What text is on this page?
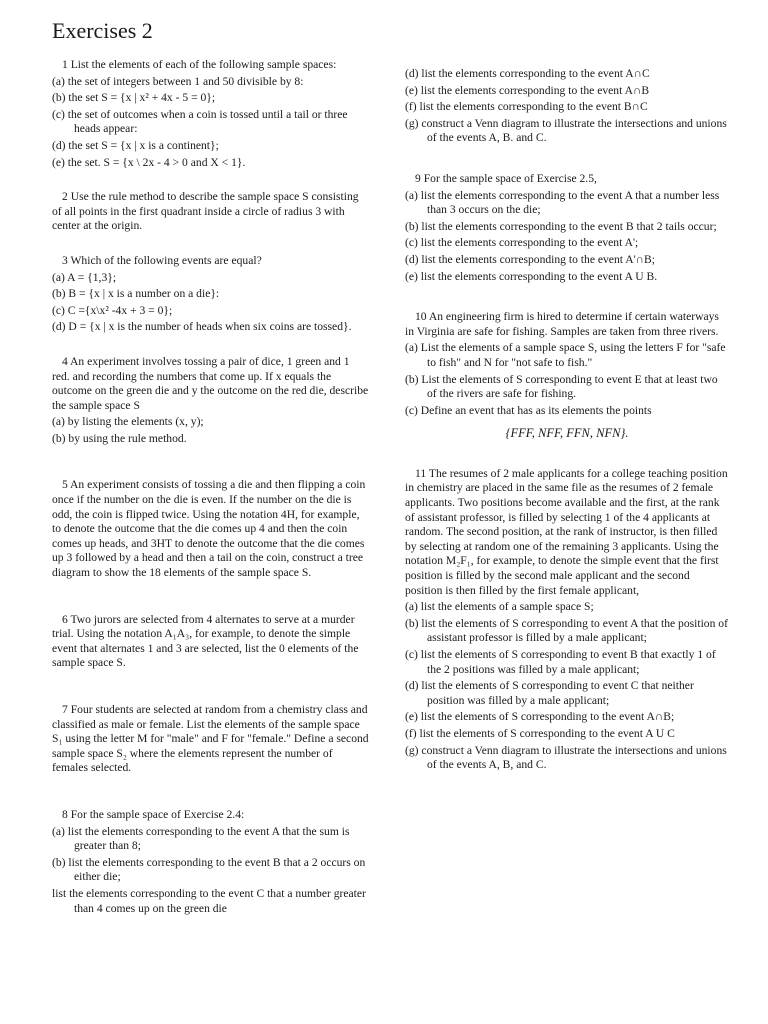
Exercises 2

1 List the elements of each of the following sample spaces:

(a) the set of integers between 1 and 50 divisible by 8:

(b) the set S = {x | x² + 4x - 5 = 0};

(c) the set of outcomes when a coin is tossed until a tail or three heads appear:

(d) the set S = {x | x is a continent};

(e) the set. S = {x \ 2x - 4 > 0 and X < 1}.

2 Use the rule method to describe the sample space S consisting of all points in the first quadrant inside a circle of radius 3 with center at the origin.

3 Which of the following events are equal?

(a) A = {1,3};

(b) B = {x | x is a number on a die}:

(c) C ={x\x² -4x + 3 = 0};

(d) D = {x | x is the number of heads when six coins are tossed}.

4 An experiment involves tossing a pair of dice, 1 green and 1 red. and recording the numbers that come up. If x equals the outcome on the green die and y the outcome on the red die, describe the sample space S

(a) by listing the elements (x, y);

(b) by using the rule method.

5 An experiment consists of tossing a die and then flipping a coin once if the number on the die is even. If the number on the die is odd, the coin is flipped twice. Using the notation 4H, for example, to denote the outcome that the die comes up 4 and then the coin comes up heads, and 3HT to denote the outcome that the die comes up 3 followed by a head and then a tail on the coin, construct a tree diagram to show the 18 elements of the sample space S.

6 Two jurors are selected from 4 alternates to serve at a murder trial. Using the notation A₁A₃, for example, to denote the simple event that alternates 1 and 3 are selected, list the 0 elements of the sample space S.

7 Four students are selected at random from a chemistry class and classified as male or female. List the elements of the sample space S₁ using the letter M for "male" and F for "female." Define a second sample space S₂ where the elements represent the number of females selected.

8 For the sample space of Exercise 2.4:

(a) list the elements corresponding to the event A that the sum is greater than 8;

(b) list the elements corresponding to the event B that a 2 occurs on either die;

list the elements corresponding to the event C that a number greater than 4 comes up on the green die

(d) list the elements corresponding to the event A∩C

(e) list the elements corresponding to the event A∩B

(f) list the elements corresponding to the event B∩C

(g) construct a Venn diagram to illustrate the intersections and unions of the events A, B. and C.

9 For the sample space of Exercise 2.5,

(a) list the elements corresponding to the event A that a number less than 3 occurs on the die;

(b) list the elements corresponding to the event B that 2 tails occur;

(c) list the elements corresponding to the event A';

(d) list the elements corresponding to the event A'∩B;

(e) list the elements corresponding to the event A U B.

10 An engineering firm is hired to determine if certain waterways in Virginia are safe for fishing. Samples are taken from three rivers.

(a) List the elements of a sample space S, using the letters F for "safe to fish" and N for "not safe to fish."

(b) List the elements of S corresponding to event E that at least two of the rivers are safe for fishing.

(c) Define an event that has as its elements the points

{FFF, NFF, FFN, NFN}.

11 The resumes of 2 male applicants for a college teaching position in chemistry are placed in the same file as the resumes of 2 female applicants. Two positions become available and the first, at the rank of assistant professor, is filled by selecting 1 of the 4 applicants at random. The second position, at the rank of instructor, is then filled by selecting at random one of the remaining 3 applicants. Using the notation M₂F₁, for example, to denote the simple event that the first position is filled by the second male applicant and the second position is then filled by the first female applicant,

(a) list the elements of a sample space S;

(b) list the elements of S corresponding to event A that the position of assistant professor is filled by a male applicant;

(c) list the elements of S corresponding to event B that exactly 1 of the 2 positions was filled by a male applicant;

(d) list the elements of S corresponding to event C that neither position was filled by a male applicant;

(e) list the elements of S corresponding to the event A∩B;

(f) list the elements of S corresponding to the event A U C

(g) construct a Venn diagram to illustrate the intersections and unions of the events A, B, and C.
